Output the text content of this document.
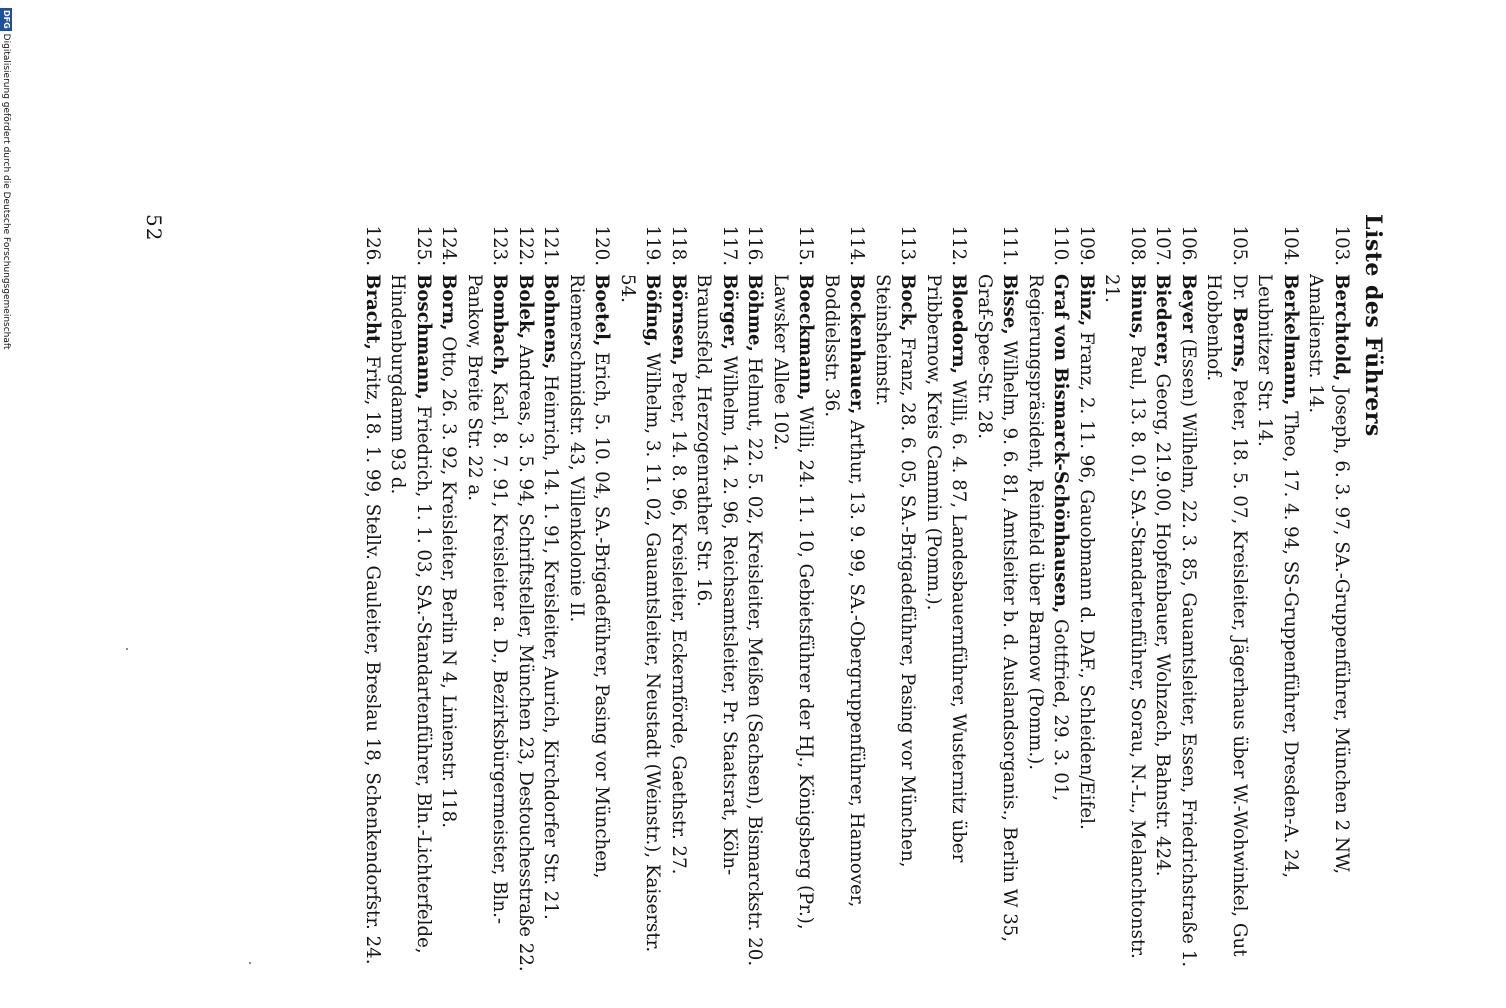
Liste des Führers
103.
Berchtold, Joseph, 6. 3. 97, SA.-Gruppenführer, München 2 NW, Amalienstr. 14.
104.
Berkelmann, Theo, 17. 4. 94, SS-Gruppenführer, Dresden-A. 24, Leubnitzer Str. 14.
105.
Dr. Berns, Peter, 18. 5. 07, Kreisleiter, Jägerhaus über W.-Wohwinkel, Gut Hobbenhof.
106.
Beyer (Essen) Wilhelm, 22. 3. 85, Gauamtsleiter, Essen, Friedrichstraße 1.
107.
Biederer, Georg, 21.9.00, Hopfenbauer, Wolnzach, Bahnstr. 424.
108.
Binus, Paul, 13. 8. 01, SA.-Standartenführer, Sorau, N.-L., Melanchtonstr. 21.
109.
Binz, Franz, 2. 11. 96, Gauobmann d. DAF., Schleiden/Eifel.
110.
Graf von Bismarck-Schönhausen, Gottfried, 29. 3. 01, Regierungspräsident, Reinfeld über Barnow (Pomm.).
111.
Bisse, Wilhelm, 9. 6. 81, Amtsleiter b. d. Auslandsorganis., Berlin W 35, Graf-Spee-Str. 28.
112.
Bloedorn, Willi, 6. 4. 87, Landesbauernführer, Wusternitz über Pribbernow, Kreis Cammin (Pomm.).
113.
Bock, Franz, 28. 6. 05, SA.-Brigadeführer, Pasing vor München, Steinsheimstr.
114.
Bockenhauer, Arthur, 13. 9. 99, SA.-Obergruppenführer, Hannover, Boddielsstr. 36.
115.
Boeckmann, Willi, 24. 11. 10, Gebietsführer der HJ., Königsberg (Pr.), Lawsker Allee 102.
116.
Böhme, Helmut, 22. 5. 02, Kreisleiter, Meißen (Sachsen), Bismarckstr. 20.
117.
Börger, Wilhelm, 14. 2. 96, Reichsamtsleiter, Pr. Staatsrat, Köln-Braunsfeld, Herzogenrather Str. 16.
118.
Börnsen, Peter, 14. 8. 96, Kreisleiter, Eckernförde, Gaethstr. 27.
119.
Böfing, Wilhelm, 3. 11. 02, Gauamtsleiter, Neustadt (Weinstr.), Kaiserstr. 54.
120.
Boetel, Erich, 5. 10. 04, SA.-Brigadeführer, Pasing vor München, Riemerschmidstr. 43, Villenkolonie II.
121.
Bohnens, Heinrich, 14. 1. 91, Kreisleiter, Aurich, Kirchdorfer Str. 21.
122.
Bolek, Andreas, 3. 5. 94, Schriftsteller, München 23, Destouchesstraße 22.
123.
Bombach, Karl, 8. 7. 91, Kreisleiter a. D., Bezirksbürgermeister, Bln.-Pankow, Breite Str. 22 a.
124.
Born, Otto, 26. 3. 92, Kreisleiter, Berlin N 4, Linienstr. 118.
125.
Boschmann, Friedrich, 1. 1. 03, SA.-Standartenführer, Bln.-Lichterfelde, Hindenburgdamm 93 d.
126.
Bracht, Fritz, 18. 1. 99, Stellv. Gauleiter, Breslau 18, Schenkendorfstr. 24.
52
DFGDigitalisierung gefördert durch die Deutsche Forschungsgemeinschaft
